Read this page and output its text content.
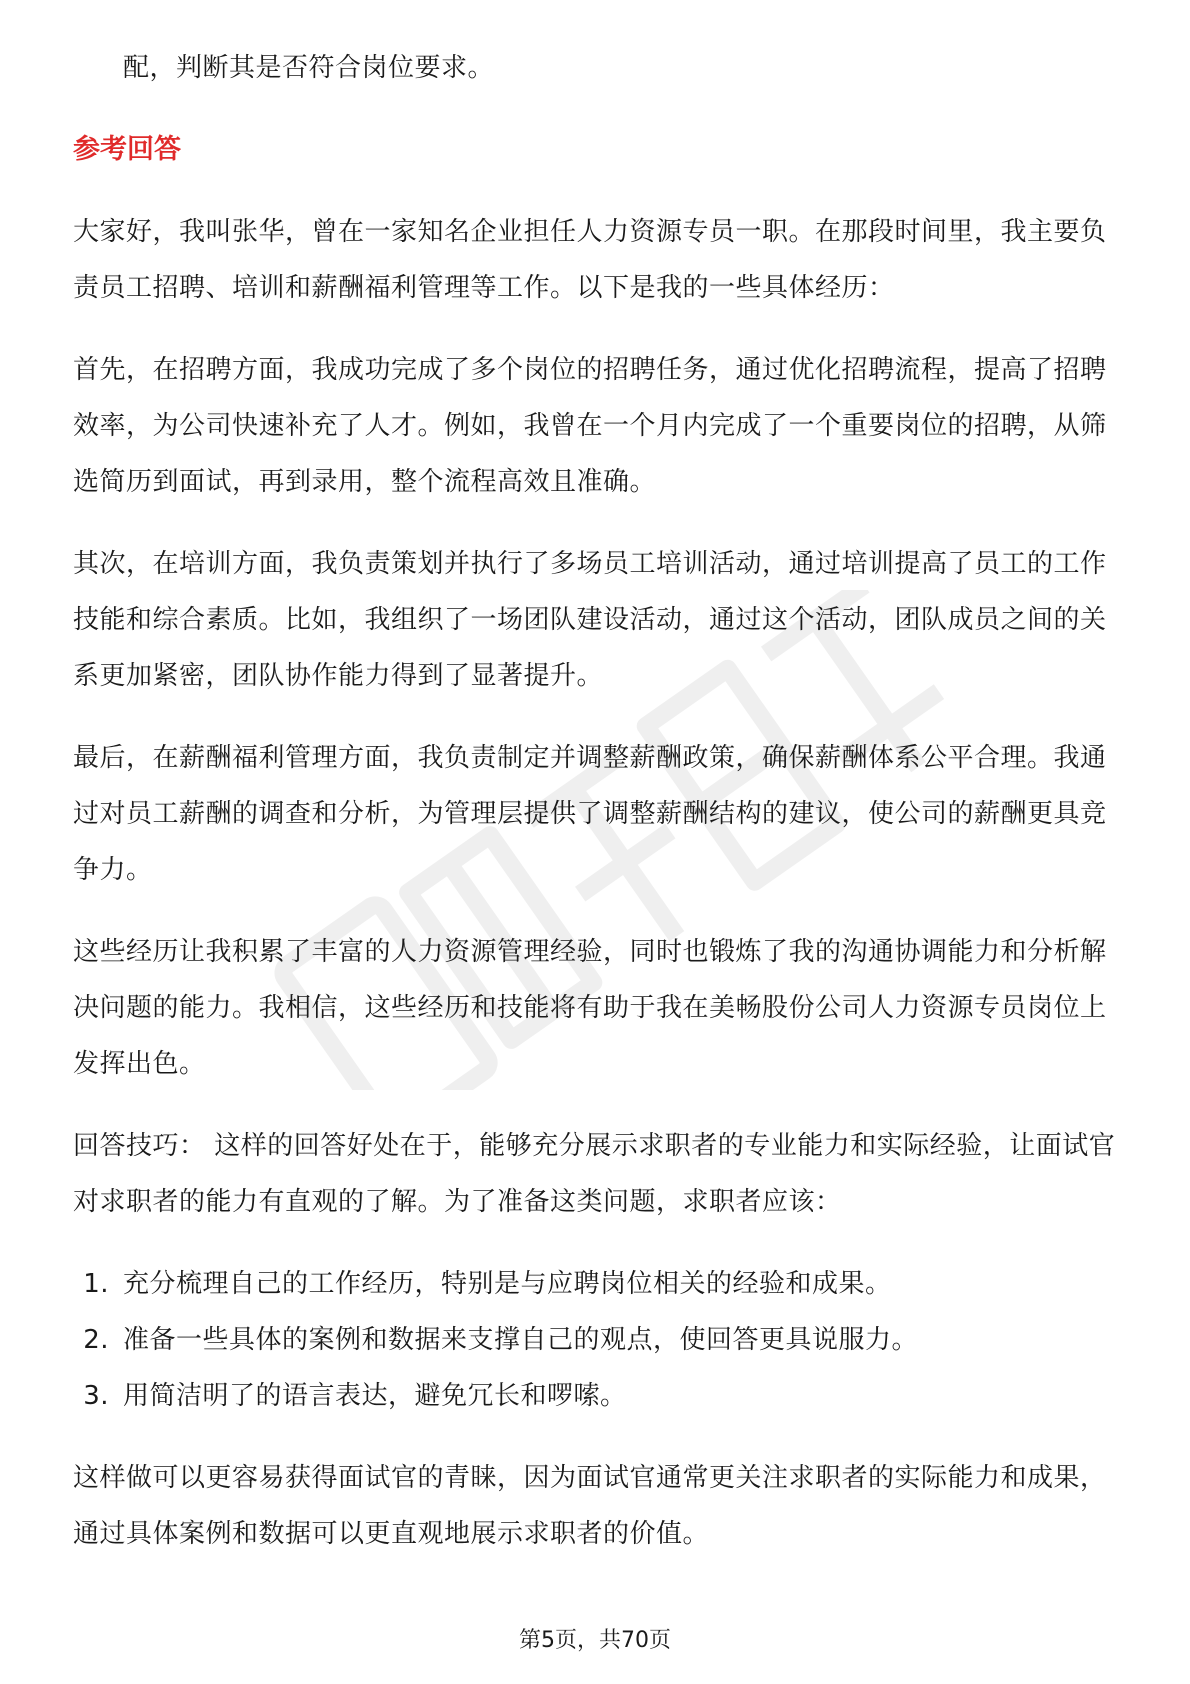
配，判断其是否符合岗位要求。

参考回答

大家好，我叫张华，曾在一家知名企业担任人力资源专员一职。在那段时间里，我主要负责员工招聘、培训和薪酬福利管理等工作。以下是我的一些具体经历：

首先，在招聘方面，我成功完成了多个岗位的招聘任务，通过优化招聘流程，提高了招聘效率，为公司快速补充了人才。例如，我曾在一个月内完成了一个重要岗位的招聘，从筛选简历到面试，再到录用，整个流程高效且准确。

其次，在培训方面，我负责策划并执行了多场员工培训活动，通过培训提高了员工的工作技能和综合素质。比如，我组织了一场团队建设活动，通过这个活动，团队成员之间的关系更加紧密，团队协作能力得到了显著提升。

最后，在薪酬福利管理方面，我负责制定并调整薪酬政策，确保薪酬体系公平合理。我通过对员工薪酬的调查和分析，为管理层提供了调整薪酬结构的建议，使公司的薪酬更具竞争力。

这些经历让我积累了丰富的人力资源管理经验，同时也锻炼了我的沟通协调能力和分析解决问题的能力。我相信，这些经历和技能将有助于我在美畅股份公司人力资源专员岗位上发挥出色。

回答技巧： 这样的回答好处在于，能够充分展示求职者的专业能力和实际经验，让面试官对求职者的能力有直观的了解。为了准备这类问题，求职者应该：

1. 充分梳理自己的工作经历，特别是与应聘岗位相关的经验和成果。
2. 准备一些具体的案例和数据来支撑自己的观点，使回答更具说服力。
3. 用简洁明了的语言表达，避免冗长和啰嗦。

这样做可以更容易获得面试官的青睐，因为面试官通常更关注求职者的实际能力和成果，通过具体案例和数据可以更直观地展示求职者的价值。

第5页，共70页
